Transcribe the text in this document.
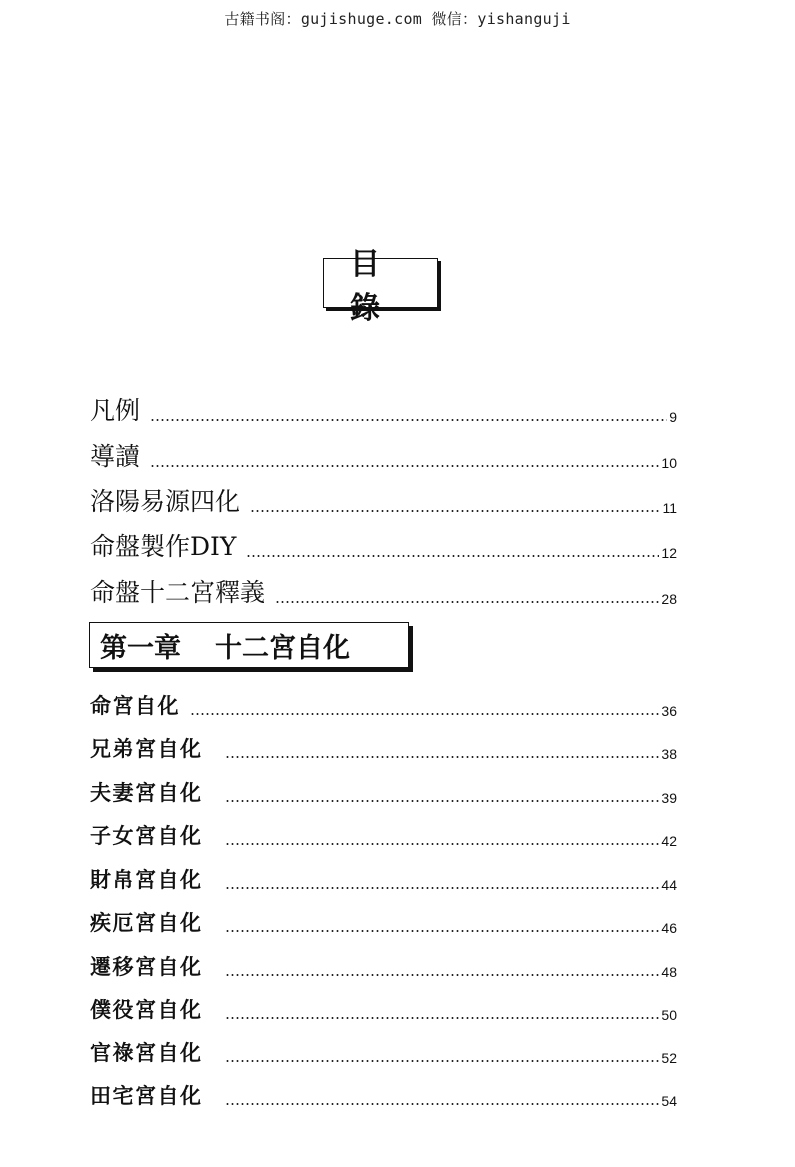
古籍书阁：gujishuge.com 微信：yishanguji
目 錄
凡例	9
導讀	10
洛陽易源四化	11
命盤製作DIY	12
命盤十二宮釋義	28
第一章 十二宮自化
命宮自化	36
兄弟宮自化	38
夫妻宮自化	39
子女宮自化	42
財帛宮自化	44
疾厄宮自化	46
遷移宮自化	48
僕役宮自化	50
官祿宮自化	52
田宅宮自化	54
